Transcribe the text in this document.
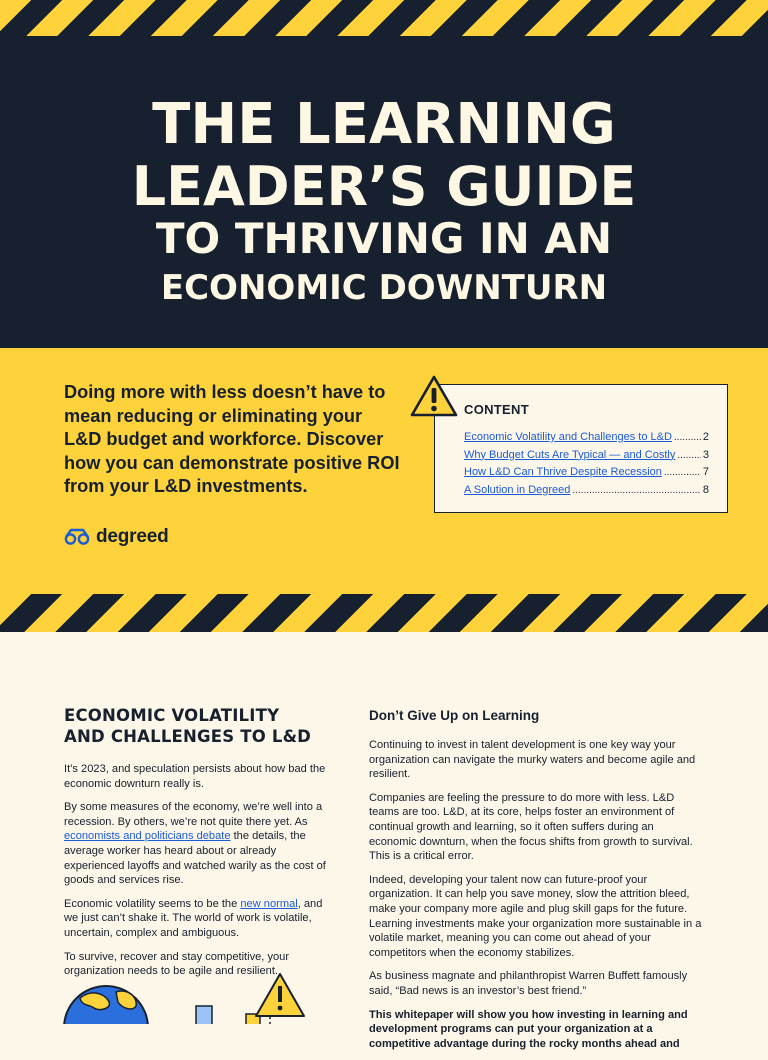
THE LEARNING
LEADER’S GUIDE
TO THRIVING IN AN
ECONOMIC DOWNTURN
Doing more with less doesn’t have to mean reducing or eliminating your L&D budget and workforce. Discover how you can demonstrate positive ROI from your L&D investments.
degreed
CONTENT
Economic Volatility and Challenges to L&D .....	2
Why Budget Cuts Are Typical — and Costly .....	3
How L&D Can Thrive Despite Recession .....	7
A Solution in Degreed .....	8
ECONOMIC VOLATILITY
AND CHALLENGES TO L&D

It’s 2023, and speculation persists about how bad the economic downturn really is.

By some measures of the economy, we’re well into a recession. By others, we’re not quite there yet. As economists and politicians debate the details, the average worker has heard about or already experienced layoffs and watched warily as the cost of goods and services rise.

Economic volatility seems to be the new normal, and we just can’t shake it. The world of work is volatile, uncertain, complex and ambiguous.

To survive, recover and stay competitive, your organization needs to be agile and resilient.

Don’t Give Up on Learning

Continuing to invest in talent development is one key way your organization can navigate the murky waters and become agile and resilient.

Companies are feeling the pressure to do more with less. L&D teams are too. L&D, at its core, helps foster an environment of continual growth and learning, so it often suffers during an economic downturn, when the focus shifts from growth to survival. This is a critical error.

Indeed, developing your talent now can future-proof your organization. It can help you save money, slow the attrition bleed, make your company more agile and plug skill gaps for the future. Learning investments make your organization more sustainable in a volatile market, meaning you can come out ahead of your competitors when the economy stabilizes.

As business magnate and philanthropist Warren Buffett famously said, “Bad news is an investor’s best friend.”

This whitepaper will show you how investing in learning and development programs can put your organization at a competitive advantage during the rocky months ahead and
